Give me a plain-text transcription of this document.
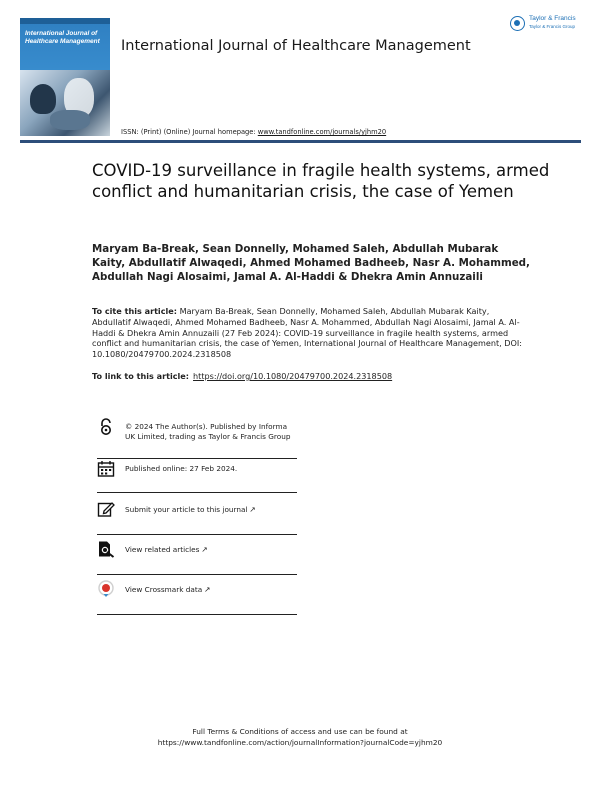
International Journal of
Healthcare Management	International Journal of Healthcare Management
Taylor & Francis
Taylor & Francis Group
ISSN: (Print) (Online) Journal homepage: www.tandfonline.com/journals/yjhm20
COVID-19 surveillance in fragile health systems, armed conflict and humanitarian crisis, the case of Yemen
Maryam Ba-Break, Sean Donnelly, Mohamed Saleh, Abdullah Mubarak Kaity, Abdullatif Alwaqedi, Ahmed Mohamed Badheeb, Nasr A. Mohammed, Abdullah Nagi Alosaimi, Jamal A. Al-Haddi & Dhekra Amin Annuzaili
To cite this article: Maryam Ba-Break, Sean Donnelly, Mohamed Saleh, Abdullah Mubarak Kaity, Abdullatif Alwaqedi, Ahmed Mohamed Badheeb, Nasr A. Mohammed, Abdullah Nagi Alosaimi, Jamal A. Al-Haddi & Dhekra Amin Annuzaili (27 Feb 2024): COVID-19 surveillance in fragile health systems, armed conflict and humanitarian crisis, the case of Yemen, International Journal of Healthcare Management, DOI: 10.1080/20479700.2024.2318508
To link to this article: https://doi.org/10.1080/20479700.2024.2318508
© 2024 The Author(s). Published by Informa UK Limited, trading as Taylor & Francis Group
Published online: 27 Feb 2024.
Submit your article to this journal ↗
View related articles ↗
View Crossmark data ↗
Full Terms & Conditions of access and use can be found at
https://www.tandfonline.com/action/journalInformation?journalCode=yjhm20
